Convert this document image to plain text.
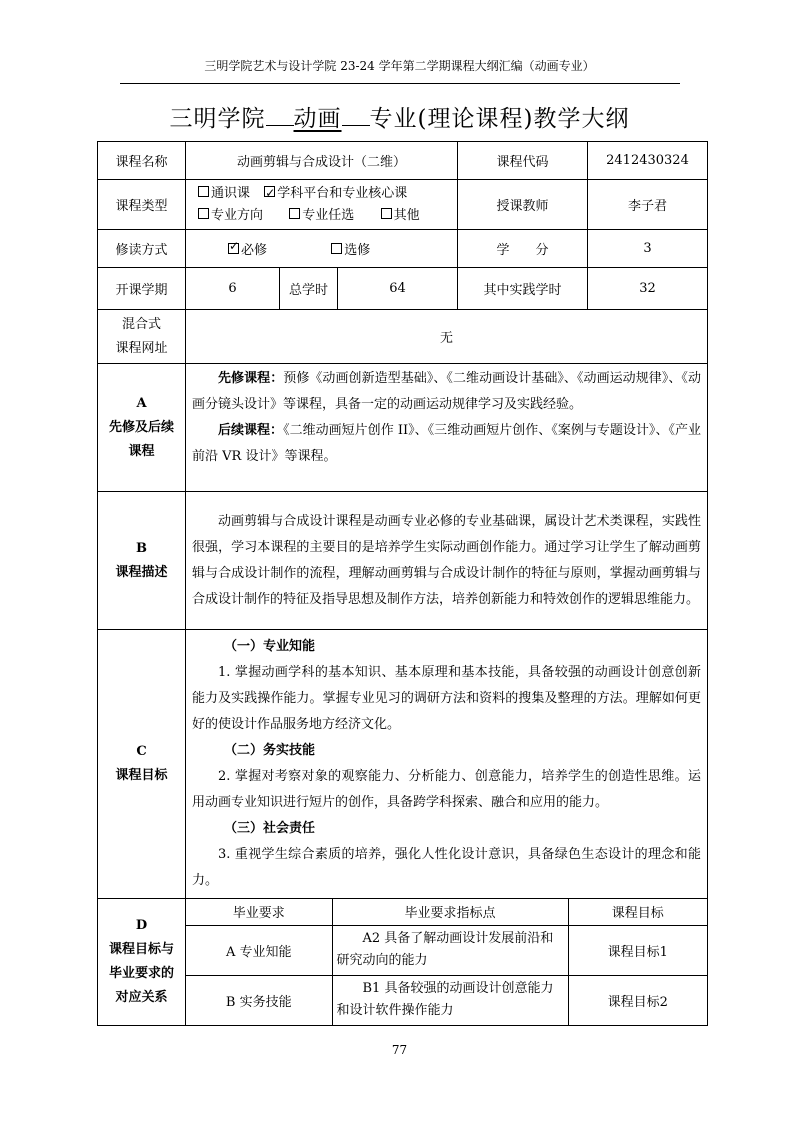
三明学院艺术与设计学院 23-24 学年第二学期课程大纲汇编（动画专业）
三明学院 动画 专业(理论课程)教学大纲
课程名称	动画剪辑与合成设计（二维）	课程代码	2412430324
课程类型	
通识课  ✓ 学科平台和专业核心课
专业方向	专业任选	其他
	授课教师	李子君
修读方式	✓必修	选修	学　　分	3
开课学期	6	总学时	64	其中实践学时	32

混合式
课程网址
	无

A
先修及后续
课程

先修课程：预修《动画创新造型基础》、《二维动画设计基础》、《动画运动规律》、《动画分镜头设计》等课程，具备一定的动画运动规律学习及实践经验。
后续课程：《二维动画短片创作 II》、《三维动画短片创作、《案例与专题设计》、《产业前沿 VR 设计》等课程。

B
课程描述

动画剪辑与合成设计课程是动画专业必修的专业基础课，属设计艺术类课程，实践性很强，学习本课程的主要目的是培养学生实际动画创作能力。通过学习让学生了解动画剪辑与合成设计制作的流程，理解动画剪辑与合成设计制作的特征与原则，掌握动画剪辑与合成设计制作的特征及指导思想及制作方法，培养创新能力和特效创作的逻辑思维能力。

C
课程目标

（一）专业知能
1. 掌握动画学科的基本知识、基本原理和基本技能，具备较强的动画设计创意创新能力及实践操作能力。掌握专业见习的调研方法和资料的搜集及整理的方法。理解如何更好的使设计作品服务地方经济文化。
（二）务实技能
2. 掌握对考察对象的观察能力、分析能力、创意能力，培养学生的创造性思维。运用动画专业知识进行短片的创作，具备跨学科探索、融合和应用的能力。
（三）社会责任
3. 重视学生综合素质的培养，强化人性化设计意识，具备绿色生态设计的理念和能力。

D
课程目标与
毕业要求的
对应关系

毕业要求	毕业要求指标点	课程目标
A 专业知能	
A2 具备了解动画设计发展前沿和研究动向的能力
	课程目标1
B 实务技能	
B1 具备较强的动画设计创意能力和设计软件操作能力
	课程目标2
77
